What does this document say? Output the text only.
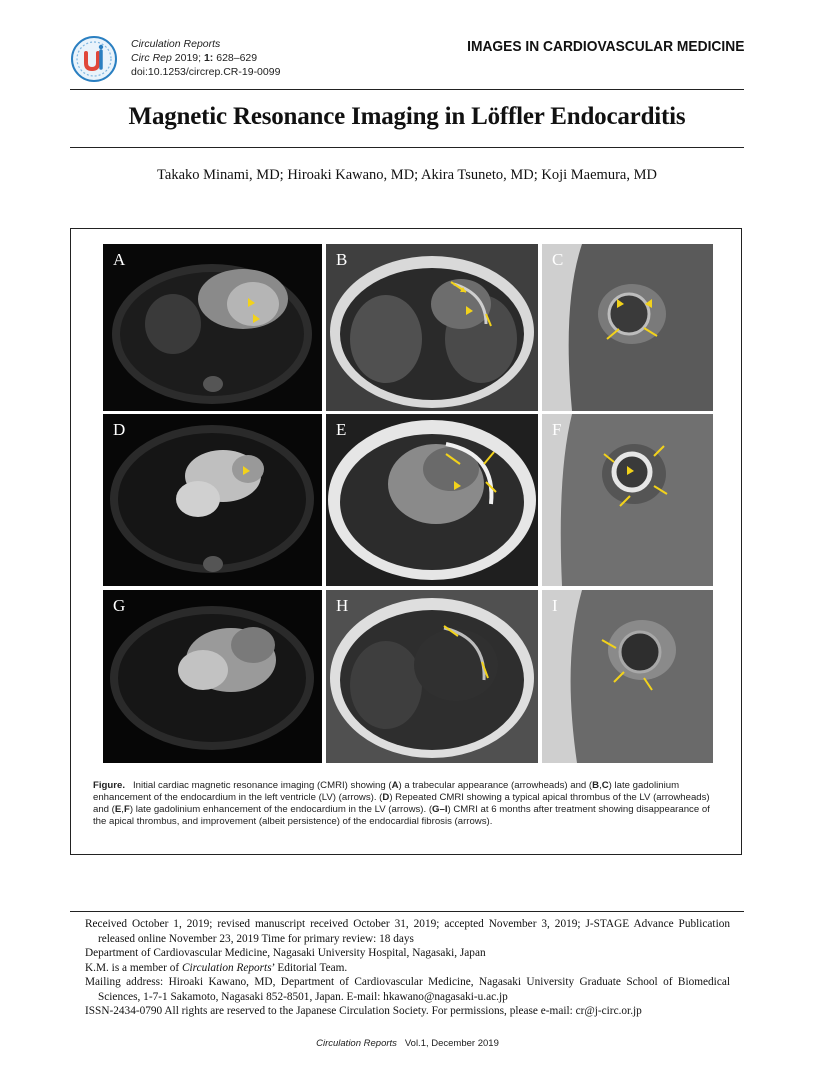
Circulation Reports
Circ Rep 2019; 1: 628–629
doi:10.1253/circrep.CR-19-0099
IMAGES IN CARDIOVASCULAR MEDICINE
Magnetic Resonance Imaging in Löffler Endocarditis
Takako Minami, MD; Hiroaki Kawano, MD; Akira Tsuneto, MD; Koji Maemura, MD
A	B	C
D	E	F
G	H	I
Figure. Initial cardiac magnetic resonance imaging (CMRI) showing (A) a trabecular appearance (arrowheads) and (B,C) late gadolinium enhancement of the endocardium in the left ventricle (LV) (arrows). (D) Repeated CMRI showing a typical apical thrombus of the LV (arrowheads) and (E,F) late gadolinium enhancement of the endocardium in the LV (arrows). (G–I) CMRI at 6 months after treatment showing disappearance of the apical thrombus, and improvement (albeit persistence) of the endocardial fibrosis (arrows).

Received October 1, 2019; revised manuscript received October 31, 2019; accepted November 3, 2019; J-STAGE Advance Publication released online November 23, 2019 Time for primary review: 18 days

Department of Cardiovascular Medicine, Nagasaki University Hospital, Nagasaki, Japan

K.M. is a member of Circulation Reports’ Editorial Team.

Mailing address: Hiroaki Kawano, MD, Department of Cardiovascular Medicine, Nagasaki University Graduate School of Biomedical Sciences, 1-7-1 Sakamoto, Nagasaki 852-8501, Japan. E-mail: hkawano@nagasaki-u.ac.jp

ISSN-2434-0790 All rights are reserved to the Japanese Circulation Society. For permissions, please e-mail: cr@j-circ.or.jp

Circulation Reports Vol.1, December 2019
